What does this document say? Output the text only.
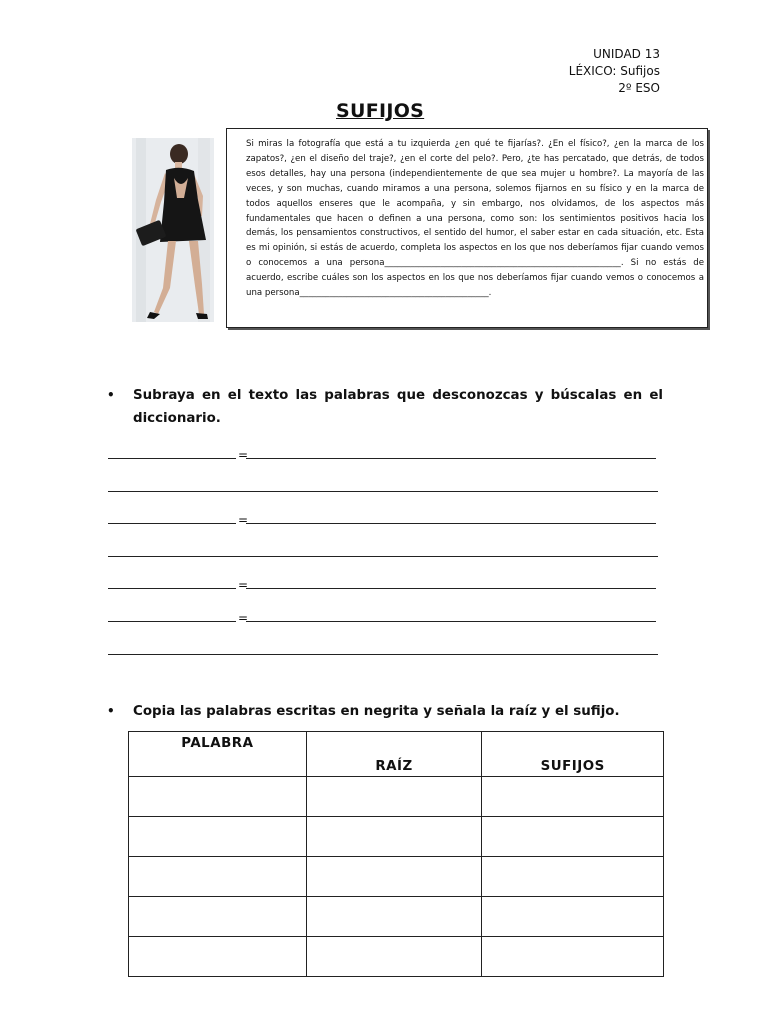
UNIDAD 13
LÉXICO: Sufijos
2º ESO
SUFIJOS
Si miras la fotografía que está a tu izquierda ¿en qué te fijarías?. ¿En el físico?, ¿en la marca de los zapatos?, ¿en el diseño del traje?, ¿en el corte del pelo?. Pero, ¿te has percatado, que detrás, de todos esos detalles, hay una persona (independientemente de que sea mujer u hombre?. La mayoría de las veces, y son muchas, cuando miramos a una persona, solemos fijarnos en su físico y en la marca de todos aquellos enseres que le acompaña, y sin embargo, nos olvidamos, de los aspectos más fundamentales que hacen o definen a una persona, como son: los sentimientos positivos hacia los demás, los pensamientos constructivos, el sentido del humor, el saber estar en cada situación, etc. Esta es mi opinión, si estás de acuerdo, completa los aspectos en los que nos deberíamos fijar cuando vemos o conocemos a una persona_______________________________________________________. Si no estás de acuerdo, escribe cuáles son los aspectos en los que nos deberíamos fijar cuando vemos o conocemos a una persona____________________________________________.
•	Subraya en el texto las palabras que desconozcas y búscalas en el diccionario.
=
=
=
=
•	Copia las palabras escritas en negrita y señala la raíz y el sufijo.
PALABRA	RAÍZ	SUFIJOS
